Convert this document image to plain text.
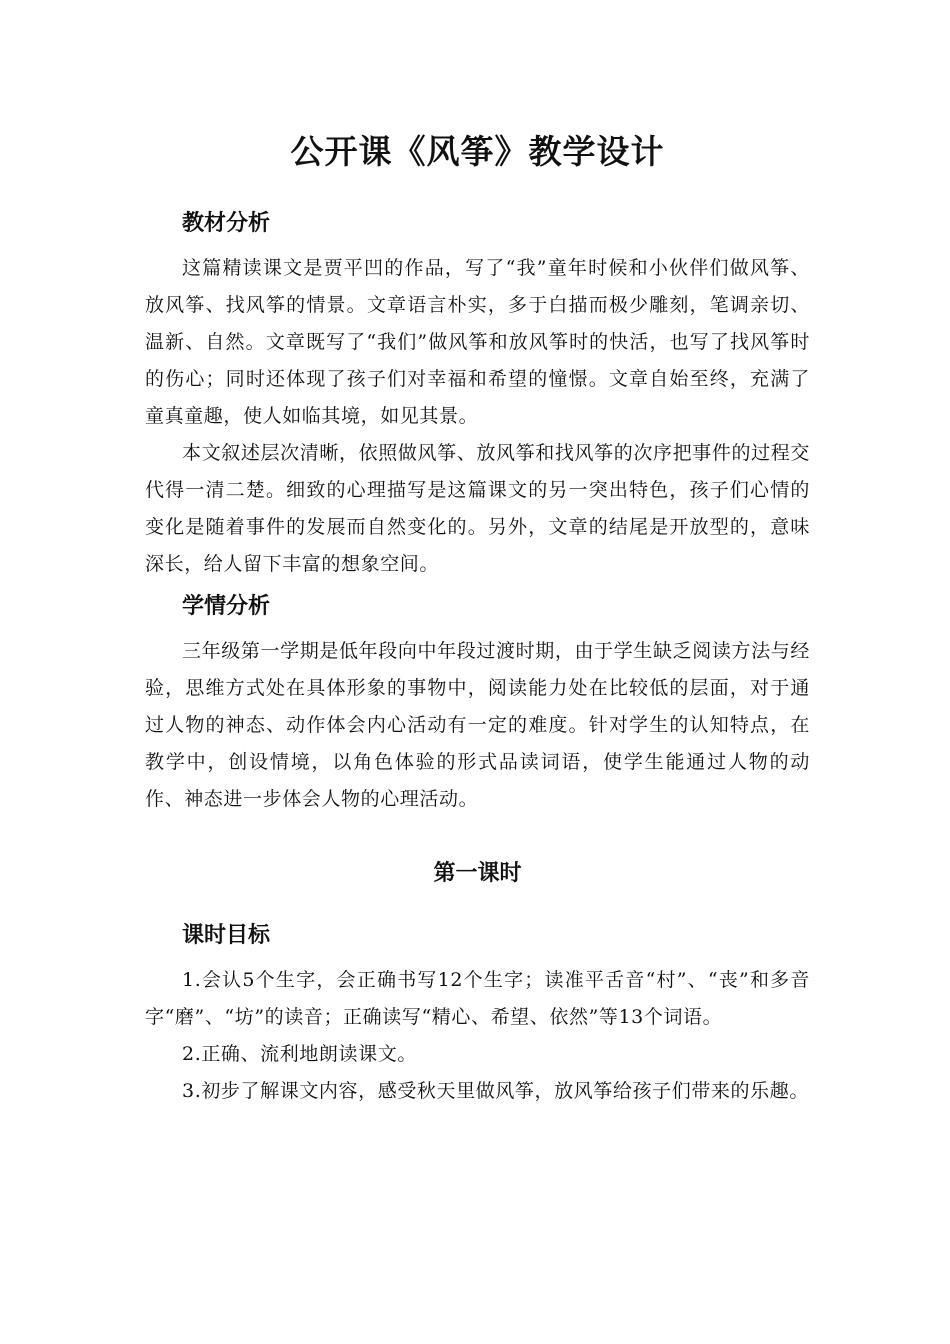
公开课《风筝》教学设计
教材分析

这篇精读课文是贾平凹的作品，写了“我”童年时候和小伙伴们做风筝、放风筝、找风筝的情景。文章语言朴实，多于白描而极少雕刻，笔调亲切、温新、自然。文章既写了“我们”做风筝和放风筝时的快活，也写了找风筝时的伤心；同时还体现了孩子们对幸福和希望的憧憬。文章自始至终，充满了童真童趣，使人如临其境，如见其景。

本文叙述层次清晰，依照做风筝、放风筝和找风筝的次序把事件的过程交代得一清二楚。细致的心理描写是这篇课文的另一突出特色，孩子们心情的变化是随着事件的发展而自然变化的。另外，文章的结尾是开放型的，意味深长，给人留下丰富的想象空间。

学情分析

三年级第一学期是低年段向中年段过渡时期，由于学生缺乏阅读方法与经验，思维方式处在具体形象的事物中，阅读能力处在比较低的层面，对于通过人物的神态、动作体会内心活动有一定的难度。针对学生的认知特点，在教学中，创设情境，以角色体验的形式品读词语，使学生能通过人物的动作、神态进一步体会人物的心理活动。

第一课时
课时目标

1.会认5个生字，会正确书写12个生字；读准平舌音“村”、“丧”和多音字“磨”、“坊”的读音；正确读写“精心、希望、依然”等13个词语。

2.正确、流利地朗读课文。

3.初步了解课文内容，感受秋天里做风筝，放风筝给孩子们带来的乐趣。
